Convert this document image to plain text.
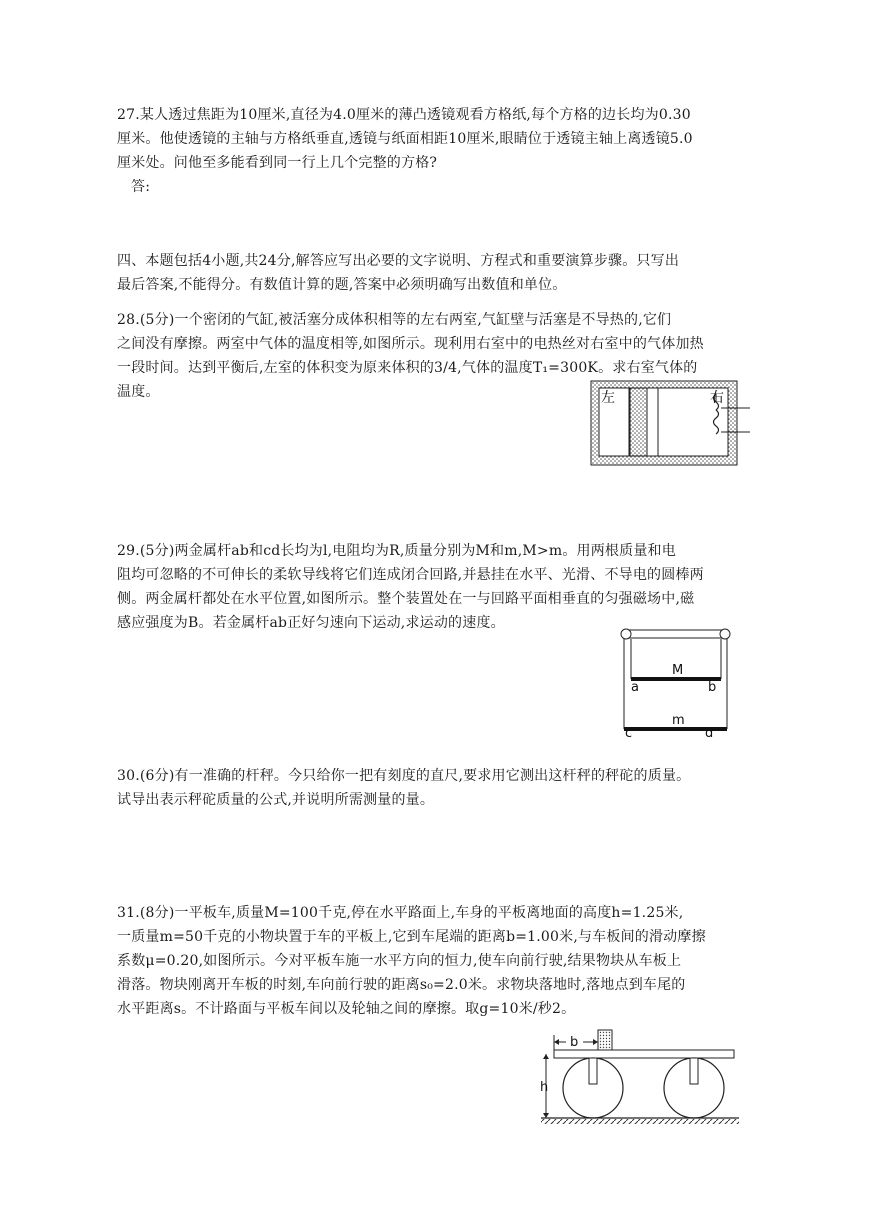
27.某人透过焦距为10厘米,直径为4.0厘米的薄凸透镜观看方格纸,每个方格的边长均为0.30
厘米。他使透镜的主轴与方格纸垂直,透镜与纸面相距10厘米,眼睛位于透镜主轴上离透镜5.0
厘米处。问他至多能看到同一行上几个完整的方格?
答:
四、本题包括4小题,共24分,解答应写出必要的文字说明、方程式和重要演算步骤。只写出
最后答案,不能得分。有数值计算的题,答案中必须明确写出数值和单位。
28.(5分)一个密闭的气缸,被活塞分成体积相等的左右两室,气缸壁与活塞是不导热的,它们
之间没有摩擦。两室中气体的温度相等,如图所示。现利用右室中的电热丝对右室中的气体加热
一段时间。达到平衡后,左室的体积变为原来体积的3/4,气体的温度T₁=300K。求右室气体的
温度。	左	右
29.(5分)两金属杆ab和cd长均为l,电阻均为R,质量分别为M和m,M>m。用两根质量和电
阻均可忽略的不可伸长的柔软导线将它们连成闭合回路,并悬挂在水平、光滑、不导电的圆棒两
侧。两金属杆都处在水平位置,如图所示。整个装置处在一与回路平面相垂直的匀强磁场中,磁
感应强度为B。若金属杆ab正好匀速向下运动,求运动的速度。
M
a	b
m
c	d
30.(6分)有一准确的杆秤。今只给你一把有刻度的直尺,要求用它测出这杆秤的秤砣的质量。
试导出表示秤砣质量的公式,并说明所需测量的量。
31.(8分)一平板车,质量M=100千克,停在水平路面上,车身的平板离地面的高度h=1.25米,
一质量m=50千克的小物块置于车的平板上,它到车尾端的距离b=1.00米,与车板间的滑动摩擦
系数μ=0.20,如图所示。今对平板车施一水平方向的恒力,使车向前行驶,结果物块从车板上
滑落。物块刚离开车板的时刻,车向前行驶的距离s₀=2.0米。求物块落地时,落地点到车尾的
水平距离s。不计路面与平板车间以及轮轴之间的摩擦。取g=10米/秒2。
b
h
